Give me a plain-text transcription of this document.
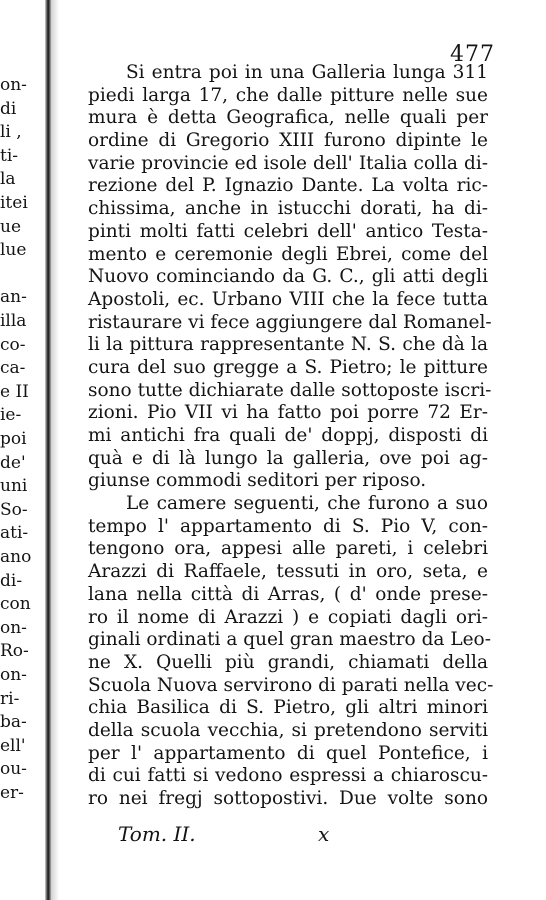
on-
di
li ,
ti-
la
itei
ue
lue
an-
illa
co-
ca-
e II
ie-
poi
de'
uni
So-
ati-
ano
di-
con
on-
Ro-
on-
ri-
ba-
ell'
ou-
er-
477
Si entra poi in una Galleria lunga 311
piedi larga 17, che dalle pitture nelle sue
mura è detta Geografica, nelle quali per
ordine di Gregorio XIII furono dipinte le
varie provincie ed isole dell' Italia colla di-
rezione del P. Ignazio Dante. La volta ric-
chissima, anche in istucchi dorati, ha di-
pinti molti fatti celebri dell' antico Testa-
mento e ceremonie degli Ebrei, come del
Nuovo cominciando da G. C., gli atti degli
Apostoli, ec. Urbano VIII che la fece tutta
ristaurare vi fece aggiungere dal Romanel-
li la pittura rappresentante N. S. che dà la
cura del suo gregge a S. Pietro; le pitture
sono tutte dichiarate dalle sottoposte iscri-
zioni. Pio VII vi ha fatto poi porre 72 Er-
mi antichi fra quali de' doppj, disposti di
quà e di là lungo la galleria, ove poi ag-
giunse commodi seditori per riposo.
Le camere seguenti, che furono a suo
tempo l' appartamento di S. Pio V, con-
tengono ora, appesi alle pareti, i celebri
Arazzi di Raffaele, tessuti in oro, seta, e
lana nella città di Arras, ( d' onde prese-
ro il nome di Arazzi ) e copiati dagli ori-
ginali ordinati a quel gran maestro da Leo-
ne X. Quelli più grandi, chiamati della
Scuola Nuova servirono di parati nella vec-
chia Basilica di S. Pietro, gli altri minori
della scuola vecchia, si pretendono serviti
per l' appartamento di quel Pontefice, i
di cui fatti si vedono espressi a chiaroscu-
ro nei fregj sottopostivi. Due volte sono
Tom. II.	x
